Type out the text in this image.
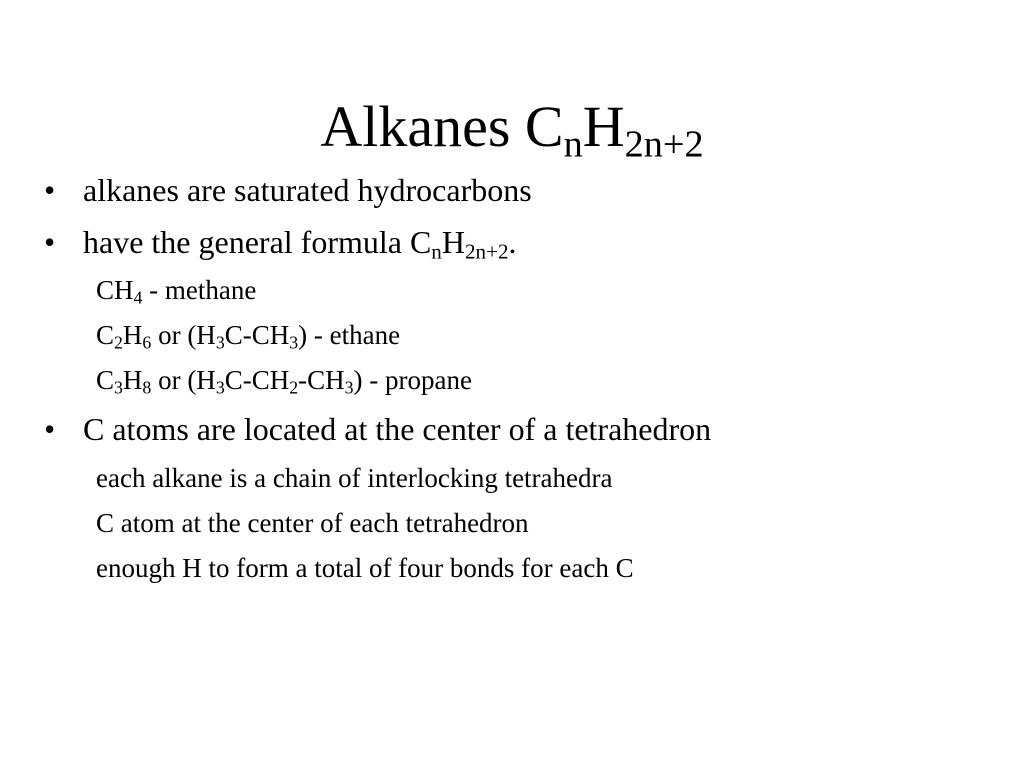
Alkanes $C_nH_{2n+2}$
• alkanes are saturated hydrocarbons
• have the general formula $C_nH_{2n+2}$.
$CH_4$ - methane
$C_2H_6$ or $(H_3C-CH_3)$ - ethane
$C_3H_8$ or $(H_3C-CH_2-CH_3)$ - propane
• C atoms are located at the center of a tetrahedron
each alkane is a chain of interlocking tetrahedra
C atom at the center of each tetrahedron
enough H to form a total of four bonds for each C
